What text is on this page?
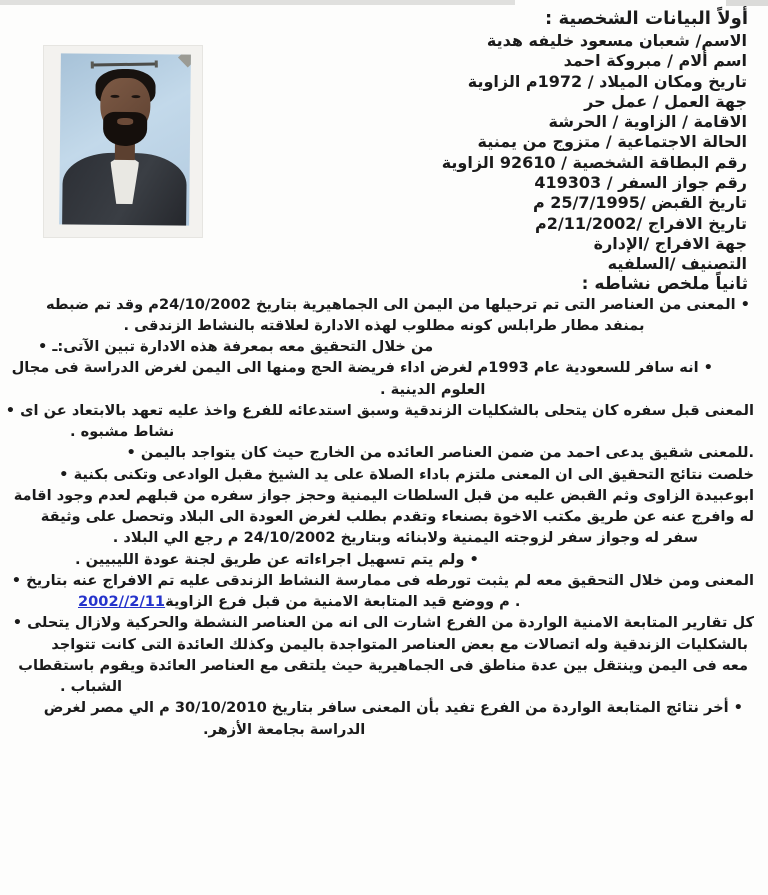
أولاً البيانات الشخصية :
الاسم/ شعبان مسعود خليفه هدية
اسم ألام / مبروكة احمد
تاريخ ومكان الميلاد / 1972م الزاوية
جهة العمل / عمل حر
الاقامة / الزاوية / الحرشة
الحالة الاجتماعية / متزوج من يمنية
رقم البطاقة الشخصية / 92610 الزاوية
رقم جواز السفر / 419303
تاريخ القبض /25/7/1995 م
تاريخ الافراج /2/11/2002م
جهة الافراج /الإدارة
التصنيف /السلفيه
ثانياً ملخص نشاطه :
• المعنى من العناصر التى تم ترحيلها من اليمن الى الجماهيرية بتاريخ 24/10/2002م وقد تم ضبطه
بمنفد مطار طرابلس كونه مطلوب لهذه الادارة لعلاقته بالنشاط الزندقى .
من خلال التحقيق معه بمعرفة هذه الادارة تبين الآتى:ـ •
• انه سافر للسعودية عام 1993م لغرض اداء فريضة الحج ومنها الى اليمن لغرض الدراسة فى مجال
العلوم الدينية .
المعنى قبل سفره كان يتحلى بالشكليات الزندقية وسبق استدعائه للفرع واخذ عليه تعهد بالابتعاد عن اى •
نشاط مشبوه .
.للمعنى شقيق يدعى احمد من ضمن العناصر العائده من الخارج حيث كان يتواجد باليمن •
خلصت نتائج التحقيق الى ان المعنى ملتزم باداء الصلاة على يد الشيخ مقبل الوادعى وتكنى بكنية •
ابوعبيدة الزاوى وثم القبض عليه من قبل السلطات اليمنية وحجز جواز سفره من قبلهم لعدم وجود اقامة
له وافرج عنه عن طريق مكتب الاخوة بصنعاء وتقدم بطلب لغرض العودة الى البلاد وتحصل على وثيقة
سفر له وجواز سفر لزوجته اليمنية ولابنائه وبتاريخ 24/10/2002 م رجع الي البلاد .
• ولم يتم تسهيل اجراءاته عن طريق لجنة عودة الليبيين .
المعنى ومن خلال التحقيق معه لم يثبت تورطه فى ممارسة النشاط الزندقى عليه تم الافراج عنه بتاريخ •
. م ووضع قيد المتابعة الامنية من قبل فرع الزاوية2/11//2002
كل تقارير المتابعة الامنية الواردة من الفرع اشارت الى انه من العناصر النشطة والحركية ولازال يتحلى •
بالشكليات الزندقية وله اتصالات مع بعض العناصر المتواجدة باليمن وكذلك العائدة التى كانت تتواجد
معه فى اليمن وينتقل بين عدة مناطق فى الجماهيرية حيث يلتقى مع العناصر العائدة ويقوم باستقطاب
الشباب .
• أخر نتائج المتابعة الواردة من الفرع تفيد بأن المعنى سافر بتاريخ 30/10/2010 م الي مصر لغرض
الدراسة بجامعة الأزهر.
